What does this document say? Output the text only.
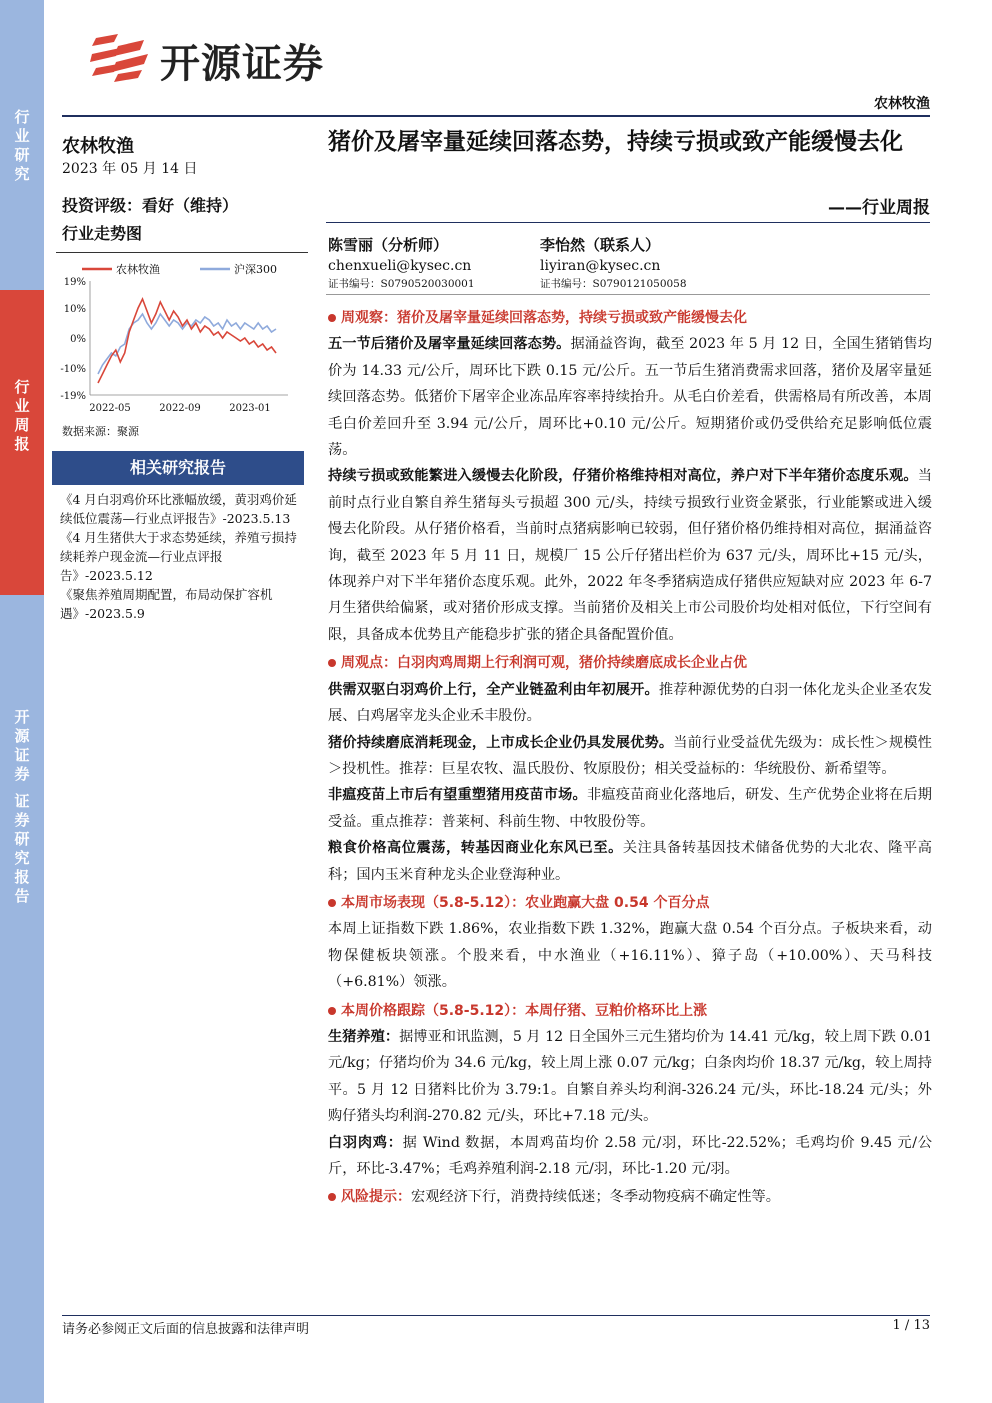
行
业
研
究
行
业
周
报
开
源
证
券
证
券
研
究
报
告
开源证券
农林牧渔
农林牧渔
2023 年 05 月 14 日
投资评级：看好（维持）
行业走势图
农林牧渔	沪深300
19%
10%
0%
-10%
-19%
2022-05	2022-09	2023-01
数据来源：聚源
相关研究报告

《4 月白羽鸡价环比涨幅放缓，黄羽鸡价延续低位震荡—行业点评报告》-2023.5.13

《4 月生猪供大于求态势延续，养殖亏损持续耗养户现金流—行业点评报告》-2023.5.12

《聚焦养殖周期配置，布局动保扩容机遇》-2023.5.9

猪价及屠宰量延续回落态势，持续亏损或致产能缓慢去化
——行业周报
陈雪丽（分析师）
chenxueli@kysec.cn
证书编号：S0790520030001
李怡然（联系人）
liyiran@kysec.cn
证书编号：S0790121050058

周观察：猪价及屠宰量延续回落态势，持续亏损或致产能缓慢去化

五一节后猪价及屠宰量延续回落态势。据涌益咨询，截至 2023 年 5 月 12 日，全国生猪销售均价为 14.33 元/公斤，周环比下跌 0.15 元/公斤。五一节后生猪消费需求回落，猪价及屠宰量延续回落态势。低猪价下屠宰企业冻品库容率持续抬升。从毛白价差看，供需格局有所改善，本周毛白价差回升至 3.94 元/公斤，周环比+0.10 元/公斤。短期猪价或仍受供给充足影响低位震荡。

持续亏损或致能繁进入缓慢去化阶段，仔猪价格维持相对高位，养户对下半年猪价态度乐观。当前时点行业自繁自养生猪每头亏损超 300 元/头，持续亏损致行业资金紧张，行业能繁或进入缓慢去化阶段。从仔猪价格看，当前时点猪病影响已较弱，但仔猪价格仍维持相对高位，据涌益咨询，截至 2023 年 5 月 11 日，规模厂 15 公斤仔猪出栏价为 637 元/头，周环比+15 元/头，体现养户对下半年猪价态度乐观。此外，2022 年冬季猪病造成仔猪供应短缺对应 2023 年 6-7 月生猪供给偏紧，或对猪价形成支撑。当前猪价及相关上市公司股价均处相对低位，下行空间有限，具备成本优势且产能稳步扩张的猪企具备配置价值。

周观点：白羽肉鸡周期上行利润可观，猪价持续磨底成长企业占优

供需双驱白羽鸡价上行，全产业链盈利由年初展开。推荐种源优势的白羽一体化龙头企业圣农发展、白鸡屠宰龙头企业禾丰股份。

猪价持续磨底消耗现金，上市成长企业仍具发展优势。当前行业受益优先级为：成长性＞规模性＞投机性。推荐：巨星农牧、温氏股份、牧原股份；相关受益标的：华统股份、新希望等。

非瘟疫苗上市后有望重塑猪用疫苗市场。非瘟疫苗商业化落地后，研发、生产优势企业将在后期受益。重点推荐：普莱柯、科前生物、中牧股份等。

粮食价格高位震荡，转基因商业化东风已至。关注具备转基因技术储备优势的大北农、隆平高科；国内玉米育种龙头企业登海种业。

本周市场表现（5.8-5.12）：农业跑赢大盘 0.54 个百分点

本周上证指数下跌 1.86%，农业指数下跌 1.32%，跑赢大盘 0.54 个百分点。子板块来看，动物保健板块领涨。个股来看，中水渔业（+16.11%）、獐子岛（+10.00%）、天马科技（+6.81%）领涨。

本周价格跟踪（5.8-5.12）：本周仔猪、豆粕价格环比上涨

生猪养殖：据博亚和讯监测，5 月 12 日全国外三元生猪均价为 14.41 元/kg，较上周下跌 0.01 元/kg；仔猪均价为 34.6 元/kg，较上周上涨 0.07 元/kg；白条肉均价 18.37 元/kg，较上周持平。5 月 12 日猪料比价为 3.79:1。自繁自养头均利润-326.24 元/头，环比-18.24 元/头；外购仔猪头均利润-270.82 元/头，环比+7.18 元/头。

白羽肉鸡：据 Wind 数据，本周鸡苗均价 2.58 元/羽，环比-22.52%；毛鸡均价 9.45 元/公斤，环比-3.47%；毛鸡养殖利润-2.18 元/羽，环比-1.20 元/羽。

风险提示：宏观经济下行，消费持续低迷；冬季动物疫病不确定性等。

请务必参阅正文后面的信息披露和法律声明	1 / 13
